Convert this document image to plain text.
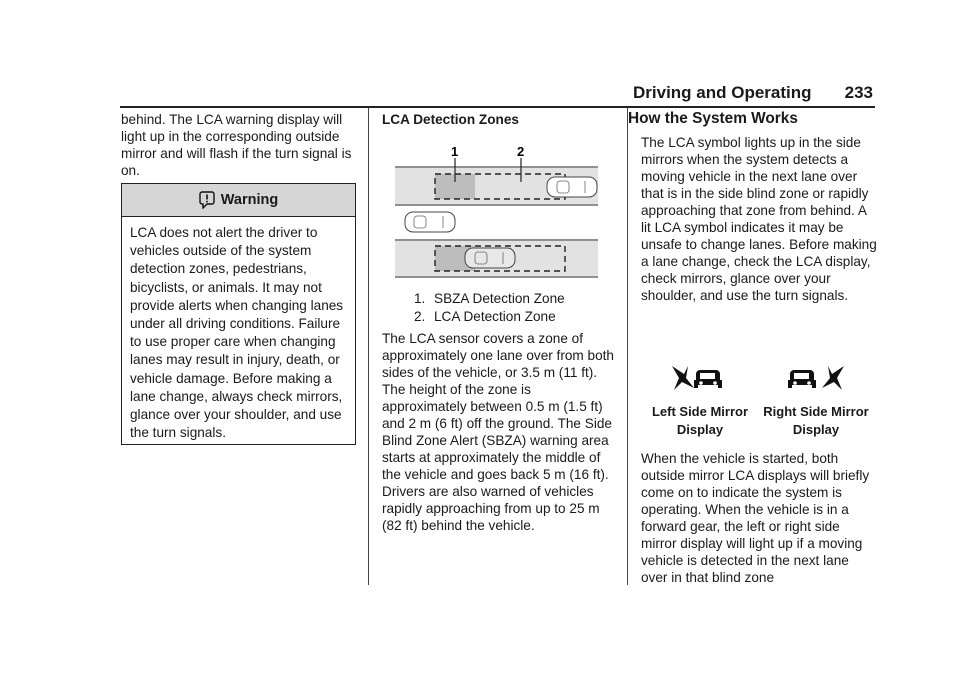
Driving and Operating 233

behind. The LCA warning display will light up in the corresponding outside mirror and will flash if the turn signal is on.

Warning
LCA does not alert the driver to vehicles outside of the system detection zones, pedestrians, bicyclists, or animals. It may not provide alerts when changing lanes under all driving conditions. Failure to use proper care when changing lanes may result in injury, death, or vehicle damage. Before making a lane change, always check mirrors, glance over your shoulder, and use the turn signals.
LCA Detection Zones
1	2
1. SBZA Detection Zone
2. LCA Detection Zone

The LCA sensor covers a zone of approximately one lane over from both sides of the vehicle, or 3.5 m (11 ft). The height of the zone is approximately between 0.5 m (1.5 ft) and 2 m (6 ft) off the ground. The Side Blind Zone Alert (SBZA) warning area starts at approximately the middle of the vehicle and goes back 5 m (16 ft). Drivers are also warned of vehicles rapidly approaching from up to 25 m (82 ft) behind the vehicle.

How the System Works

The LCA symbol lights up in the side mirrors when the system detects a moving vehicle in the next lane over that is in the side blind zone or rapidly approaching that zone from behind. A lit LCA symbol indicates it may be unsafe to change lanes. Before making a lane change, check the LCA display, check mirrors, glance over your shoulder, and use the turn signals.

Left Side Mirror Display
Right Side Mirror Display

When the vehicle is started, both outside mirror LCA displays will briefly come on to indicate the system is operating. When the vehicle is in a forward gear, the left or right side mirror display will light up if a moving vehicle is detected in the next lane over in that blind zone
